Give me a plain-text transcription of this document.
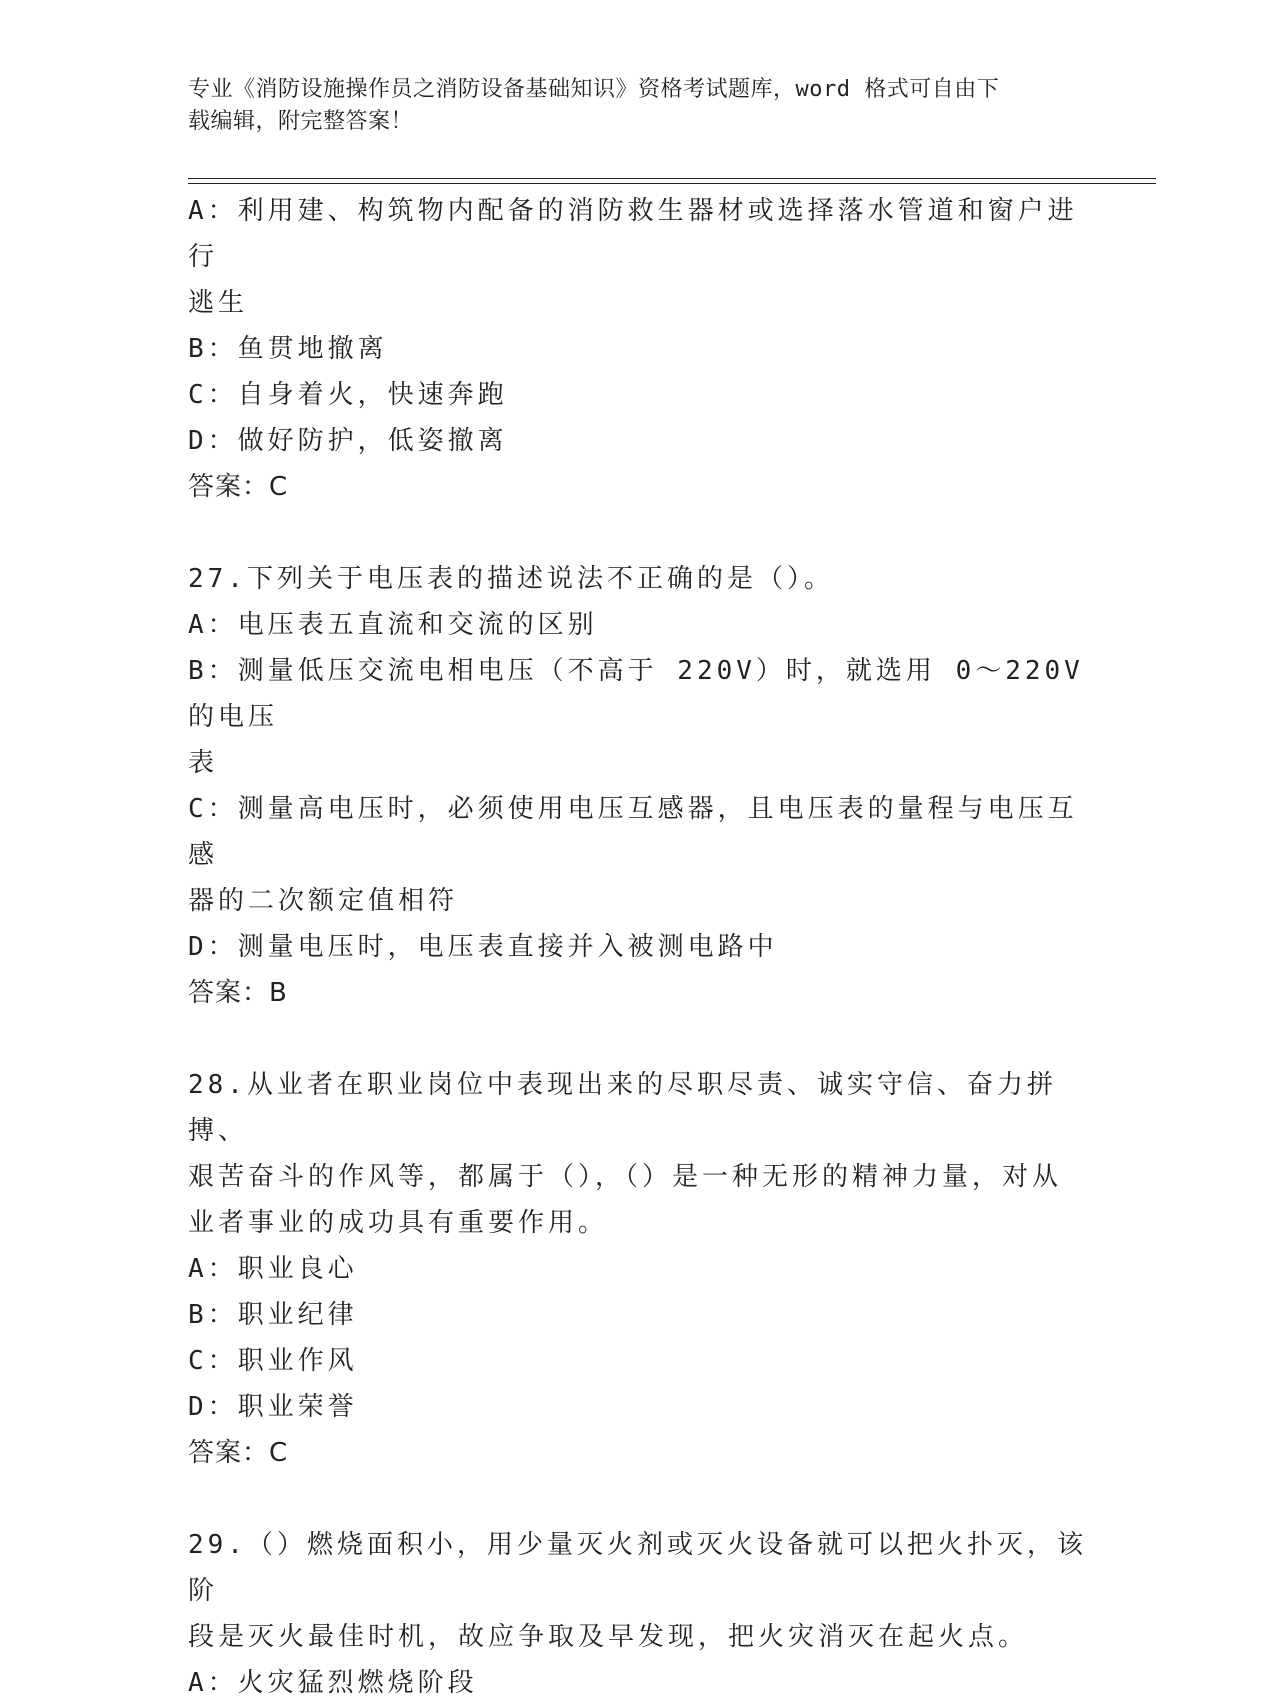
专业《消防设施操作员之消防设备基础知识》资格考试题库，word 格式可自由下
载编辑，附完整答案！
A：利用建、构筑物内配备的消防救生器材或选择落水管道和窗户进行
逃生
B：鱼贯地撤离
C：自身着火，快速奔跑
D：做好防护，低姿撤离
答案：C
27.下列关于电压表的描述说法不正确的是（）。
A：电压表五直流和交流的区别
B：测量低压交流电相电压（不高于 220V）时，就选用 0～220V 的电压
表
C：测量高电压时，必须使用电压互感器，且电压表的量程与电压互感
器的二次额定值相符
D：测量电压时，电压表直接并入被测电路中
答案：B
28.从业者在职业岗位中表现出来的尽职尽责、诚实守信、奋力拼搏、
艰苦奋斗的作风等，都属于（），（）是一种无形的精神力量，对从
业者事业的成功具有重要作用。
A：职业良心
B：职业纪律
C：职业作风
D：职业荣誉
答案：C
29.（）燃烧面积小，用少量灭火剂或灭火设备就可以把火扑灭，该阶
段是灭火最佳时机，故应争取及早发现，把火灾消灭在起火点。
A：火灾猛烈燃烧阶段
